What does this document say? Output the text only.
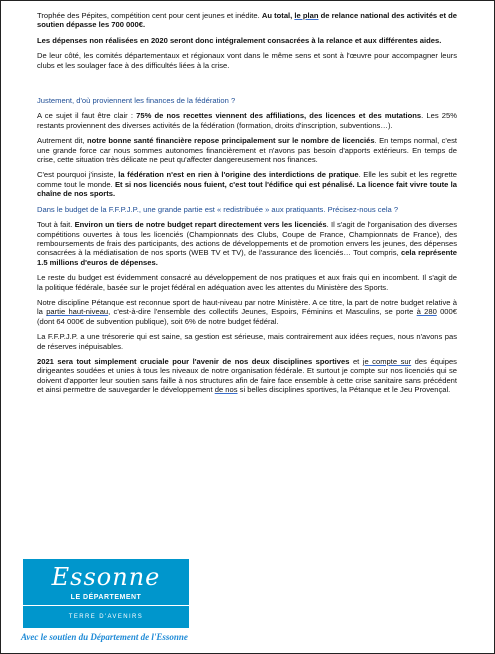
Trophée des Pépites, compétition cent pour cent jeunes et inédite. Au total, le plan de relance national des activités et de soutien dépasse les 700 000€.

Les dépenses non réalisées en 2020 seront donc intégralement consacrées à la relance et aux différentes aides.

De leur côté, les comités départementaux et régionaux vont dans le même sens et sont à l'œuvre pour accompagner leurs clubs et les soulager face à des difficultés liées à la crise.

Justement, d'où proviennent les finances de la fédération ?

A ce sujet il faut être clair : 75% de nos recettes viennent des affiliations, des licences et des mutations. Les 25% restants proviennent des diverses activités de la fédération (formation, droits d'inscription, subventions…).

Autrement dit, notre bonne santé financière repose principalement sur le nombre de licenciés. En temps normal, c'est une grande force car nous sommes autonomes financièrement et n'avons pas besoin d'apports extérieurs. En temps de crise, cette situation très délicate ne peut qu'affecter dangereusement nos finances.

C'est pourquoi j'insiste, la fédération n'est en rien à l'origine des interdictions de pratique. Elle les subit et les regrette comme tout le monde. Et si nos licenciés nous fuient, c'est tout l'édifice qui est pénalisé. La licence fait vivre toute la chaîne de nos sports.

Dans le budget de la F.F.P.J.P., une grande partie est « redistribuée » aux pratiquants. Précisez-nous cela ?

Tout à fait. Environ un tiers de notre budget repart directement vers les licenciés. Il s'agit de l'organisation des diverses compétitions ouvertes à tous les licenciés (Championnats des Clubs, Coupe de France, Championnats de France), des remboursements de frais des participants, des actions de développements et de promotion envers les jeunes, des dépenses consacrées à la médiatisation de nos sports (WEB TV et TV), de l'assurance des licenciés… Tout compris, cela représente 1.5 millions d'euros de dépenses.

Le reste du budget est évidemment consacré au développement de nos pratiques et aux frais qui en incombent. Il s'agit de la politique fédérale, basée sur le projet fédéral en adéquation avec les attentes du Ministère des Sports.

Notre discipline Pétanque est reconnue sport de haut-niveau par notre Ministère. A ce titre, la part de notre budget relative à la partie haut-niveau, c'est-à-dire l'ensemble des collectifs Jeunes, Espoirs, Féminins et Masculins, se porte à 280 000€ (dont 64 000€ de subvention publique), soit 6% de notre budget fédéral.

La F.F.P.J.P. a une trésorerie qui est saine, sa gestion est sérieuse, mais contrairement aux idées reçues, nous n'avons pas de réserves inépuisables.

2021 sera tout simplement cruciale pour l'avenir de nos deux disciplines sportives et je compte sur des équipes dirigeantes soudées et unies à tous les niveaux de notre organisation fédérale. Et surtout je compte sur nos licenciés qui se doivent d'apporter leur soutien sans faille à nos structures afin de faire face ensemble à cette crise sanitaire sans précédent et ainsi permettre de sauvegarder le développement de nos si belles disciplines sportives, la Pétanque et le Jeu Provençal.

Essonne
LE DÉPARTEMENT
TERRE D'AVENIRS
Avec le soutien du Département de l'Essonne
